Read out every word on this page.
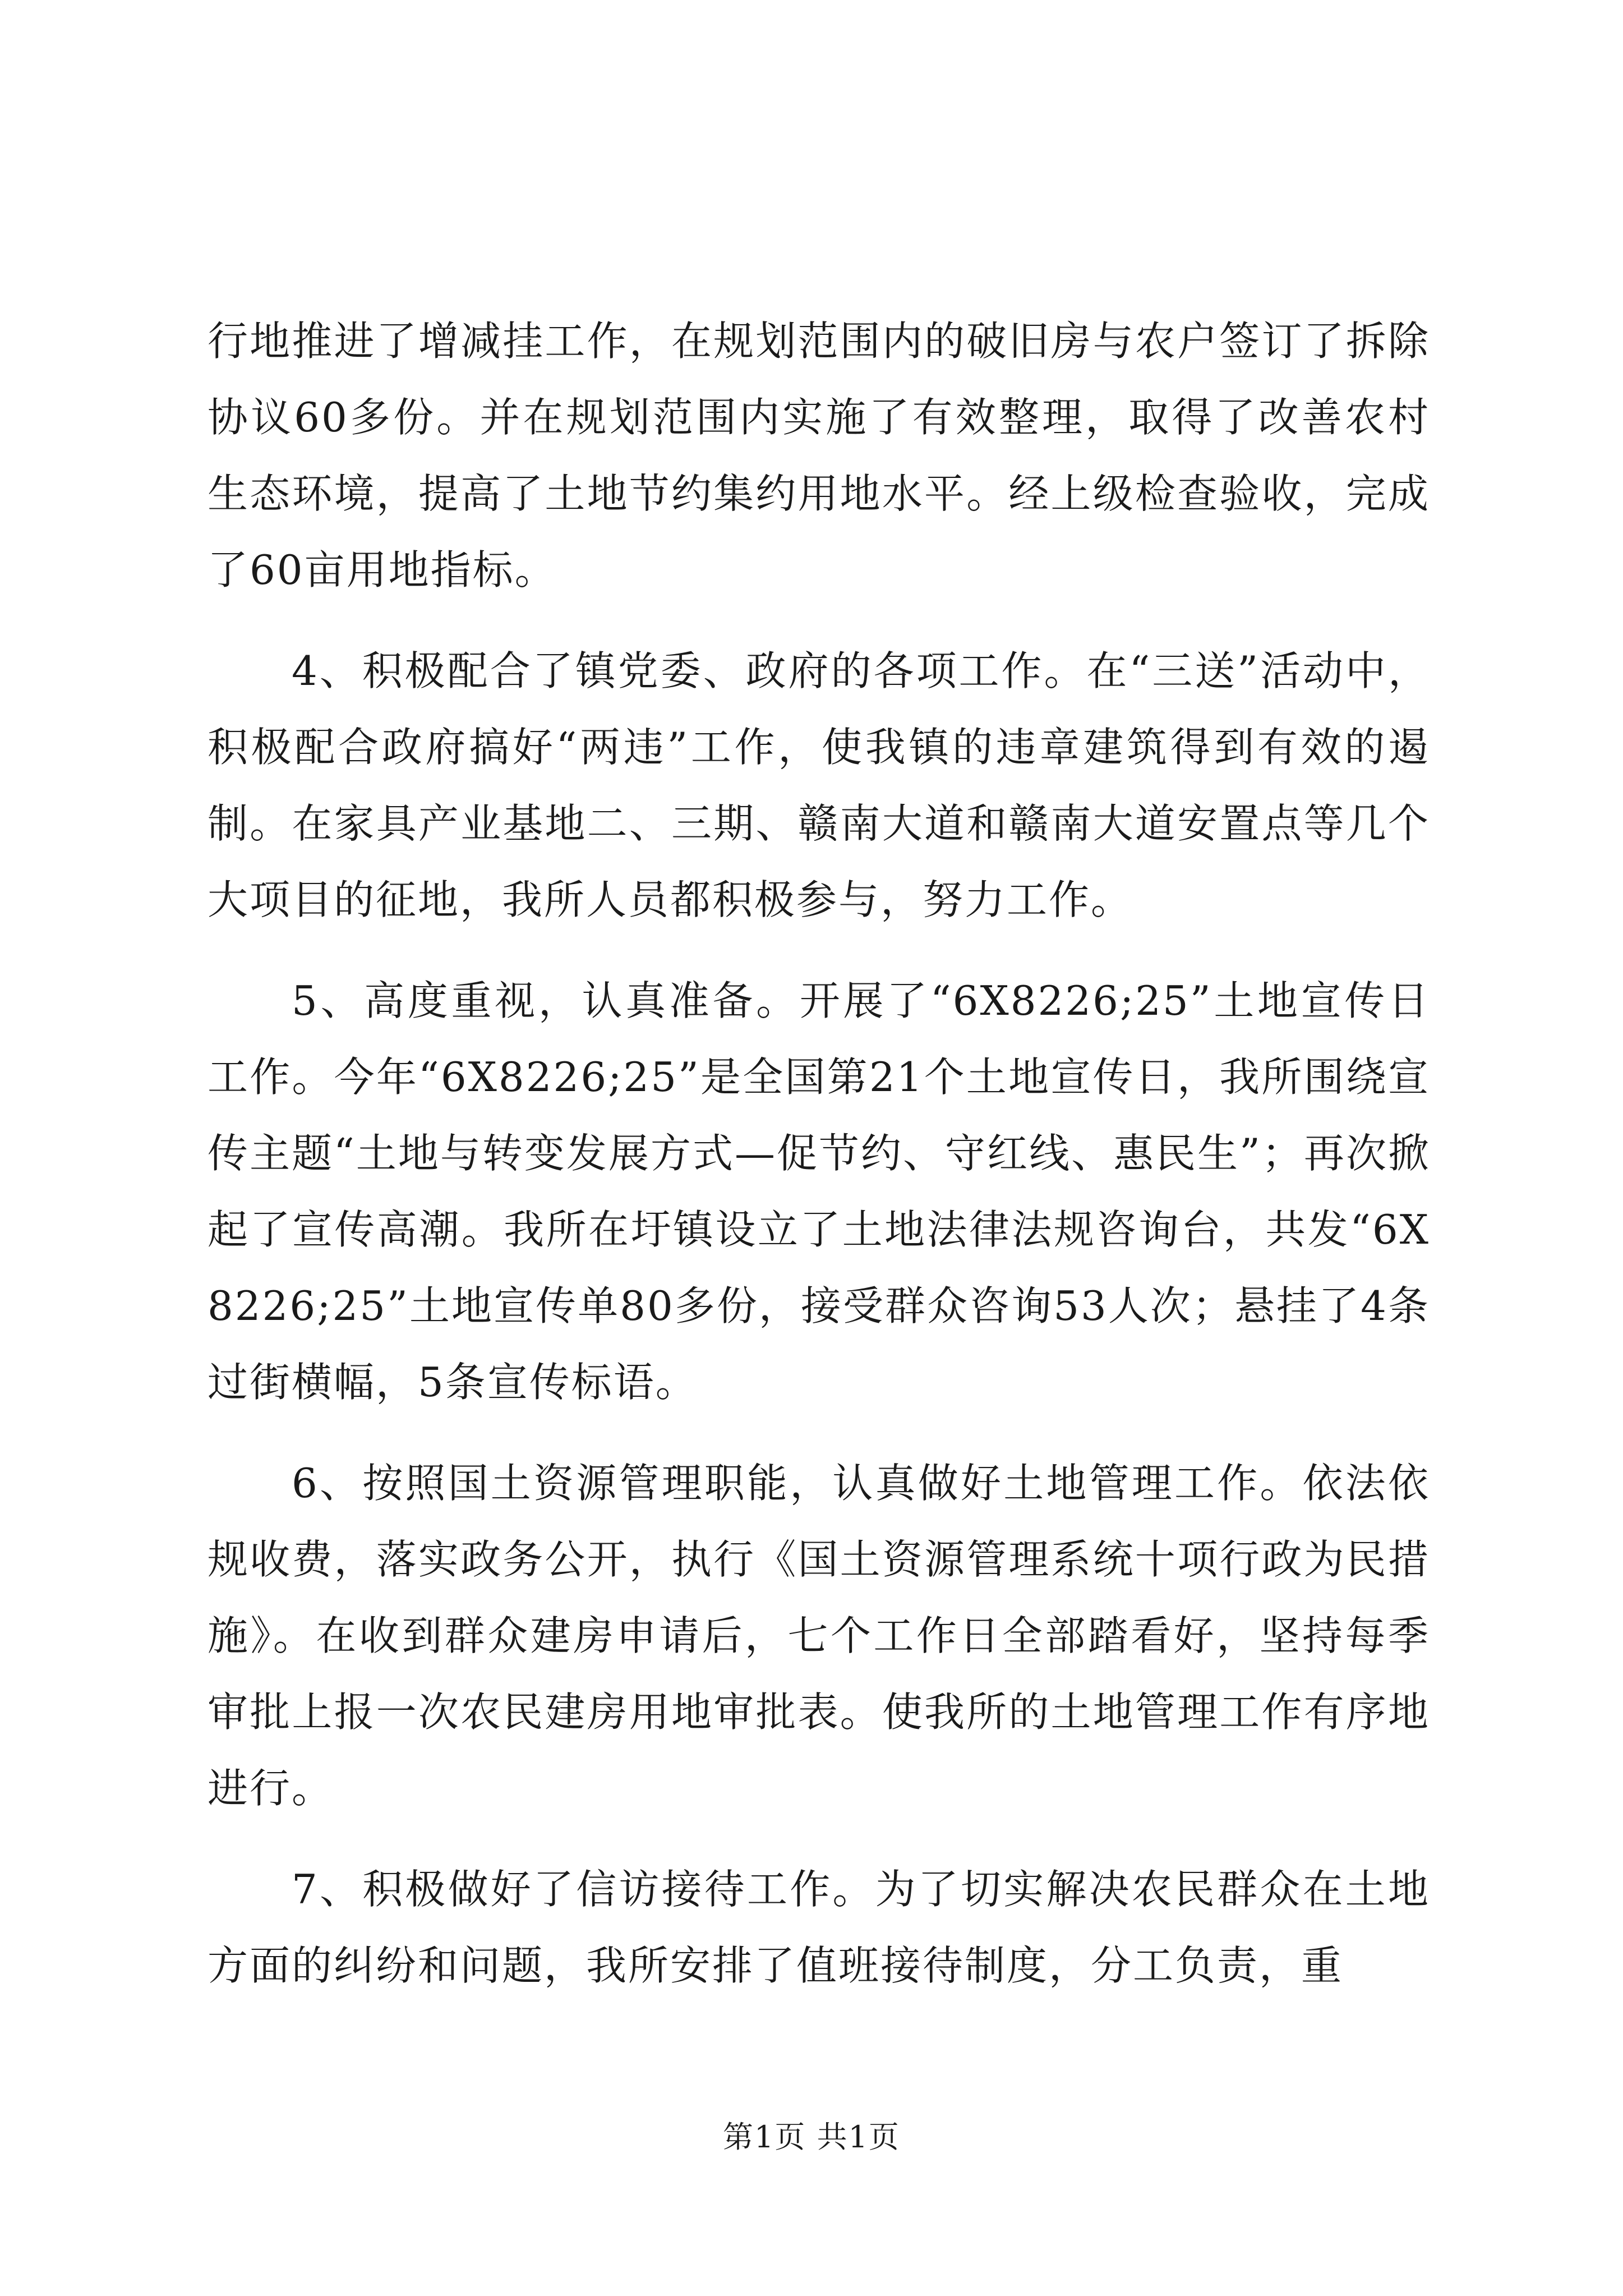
行地推进了增减挂工作，在规划范围内的破旧房与农户签订了拆除协议60多份。并在规划范围内实施了有效整理，取得了改善农村生态环境，提高了土地节约集约用地水平。经上级检查验收，完成了60亩用地指标。

4、积极配合了镇党委、政府的各项工作。在“三送”活动中，积极配合政府搞好“两违”工作，使我镇的违章建筑得到有效的遏制。在家具产业基地二、三期、赣南大道和赣南大道安置点等几个大项目的征地，我所人员都积极参与，努力工作。

5、高度重视，认真准备。开展了“6X8226;25”土地宣传日工作。今年“6X8226;25”是全国第21个土地宣传日，我所围绕宣传主题“土地与转变发展方式—促节约、守红线、惠民生”；再次掀起了宣传高潮。我所在圩镇设立了土地法律法规咨询台，共发“6X8226;25”土地宣传单80多份，接受群众咨询53人次；悬挂了4条过街横幅，5条宣传标语。

6、按照国土资源管理职能，认真做好土地管理工作。依法依规收费，落实政务公开，执行《国土资源管理系统十项行政为民措施》。在收到群众建房申请后，七个工作日全部踏看好，坚持每季审批上报一次农民建房用地审批表。使我所的土地管理工作有序地进行。

7、积极做好了信访接待工作。为了切实解决农民群众在土地方面的纠纷和问题，我所安排了值班接待制度，分工负责，重

第1页 共1页
